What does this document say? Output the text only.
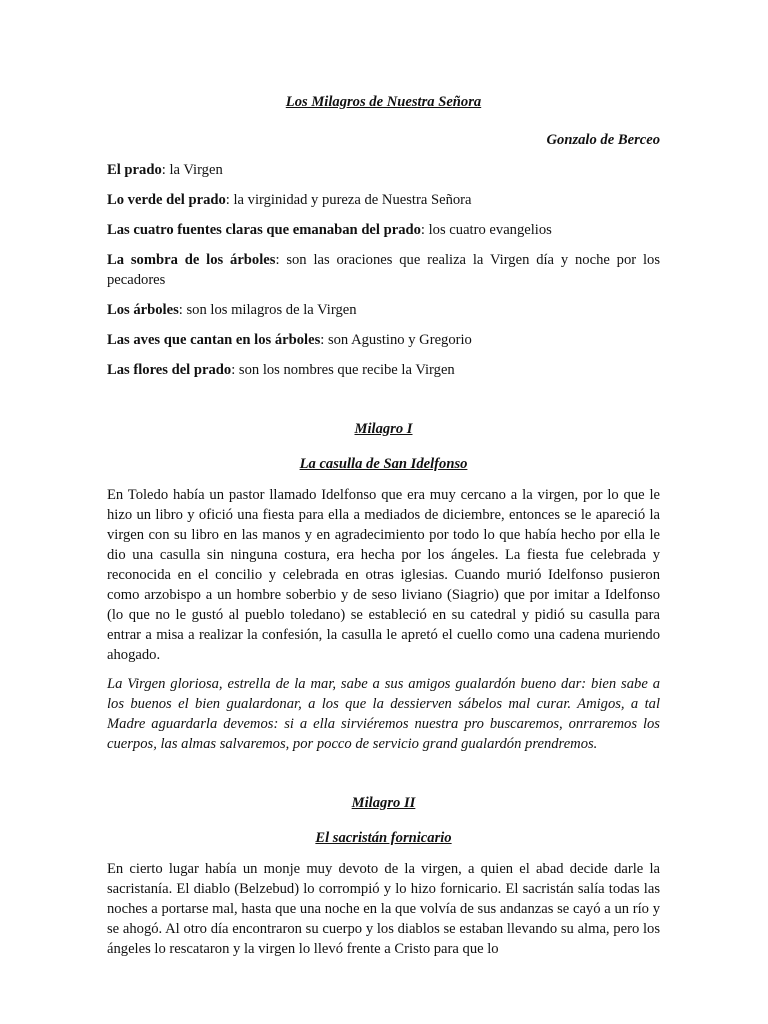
Los Milagros de Nuestra Señora

Gonzalo de Berceo

El prado: la Virgen

Lo verde del prado: la virginidad y pureza de Nuestra Señora

Las cuatro fuentes claras que emanaban del prado: los cuatro evangelios

La sombra de los árboles: son las oraciones que realiza la Virgen día y noche por los pecadores

Los árboles: son los milagros de la Virgen

Las aves que cantan en los árboles: son Agustino y Gregorio

Las flores del prado: son los nombres que recibe la Virgen

Milagro I

La casulla de San Idelfonso

En Toledo había un pastor llamado Idelfonso que era muy cercano a la virgen, por lo que le hizo un libro y ofició una fiesta para ella a mediados de diciembre, entonces se le apareció la virgen con su libro en las manos y en agradecimiento por todo lo que había hecho por ella le dio una casulla sin ninguna costura, era hecha por los ángeles. La fiesta fue celebrada y reconocida en el concilio y celebrada en otras iglesias. Cuando murió Idelfonso pusieron como arzobispo a un hombre soberbio y de seso liviano (Siagrio) que por imitar a Idelfonso (lo que no le gustó al pueblo toledano) se estableció en su catedral y pidió su casulla para entrar a misa a realizar la confesión, la casulla le apretó el cuello como una cadena muriendo ahogado.

La Virgen gloriosa, estrella de la mar, sabe a sus amigos gualardón bueno dar: bien sabe a los buenos el bien gualardonar, a los que la dessierven sábelos mal curar. Amigos, a tal Madre aguardarla devemos: si a ella sirviéremos nuestra pro buscaremos, onrraremos los cuerpos, las almas salvaremos, por pocco de servicio grand gualardón prendremos.

Milagro II

El sacristán fornicario

En cierto lugar había un monje muy devoto de la virgen, a quien el abad decide darle la sacristanía. El diablo (Belzebud) lo corrompió y lo hizo fornicario. El sacristán salía todas las noches a portarse mal, hasta que una noche en la que volvía de sus andanzas se cayó a un río y se ahogó. Al otro día encontraron su cuerpo y los diablos se estaban llevando su alma, pero los ángeles lo rescataron y la virgen lo llevó frente a Cristo para que lo
